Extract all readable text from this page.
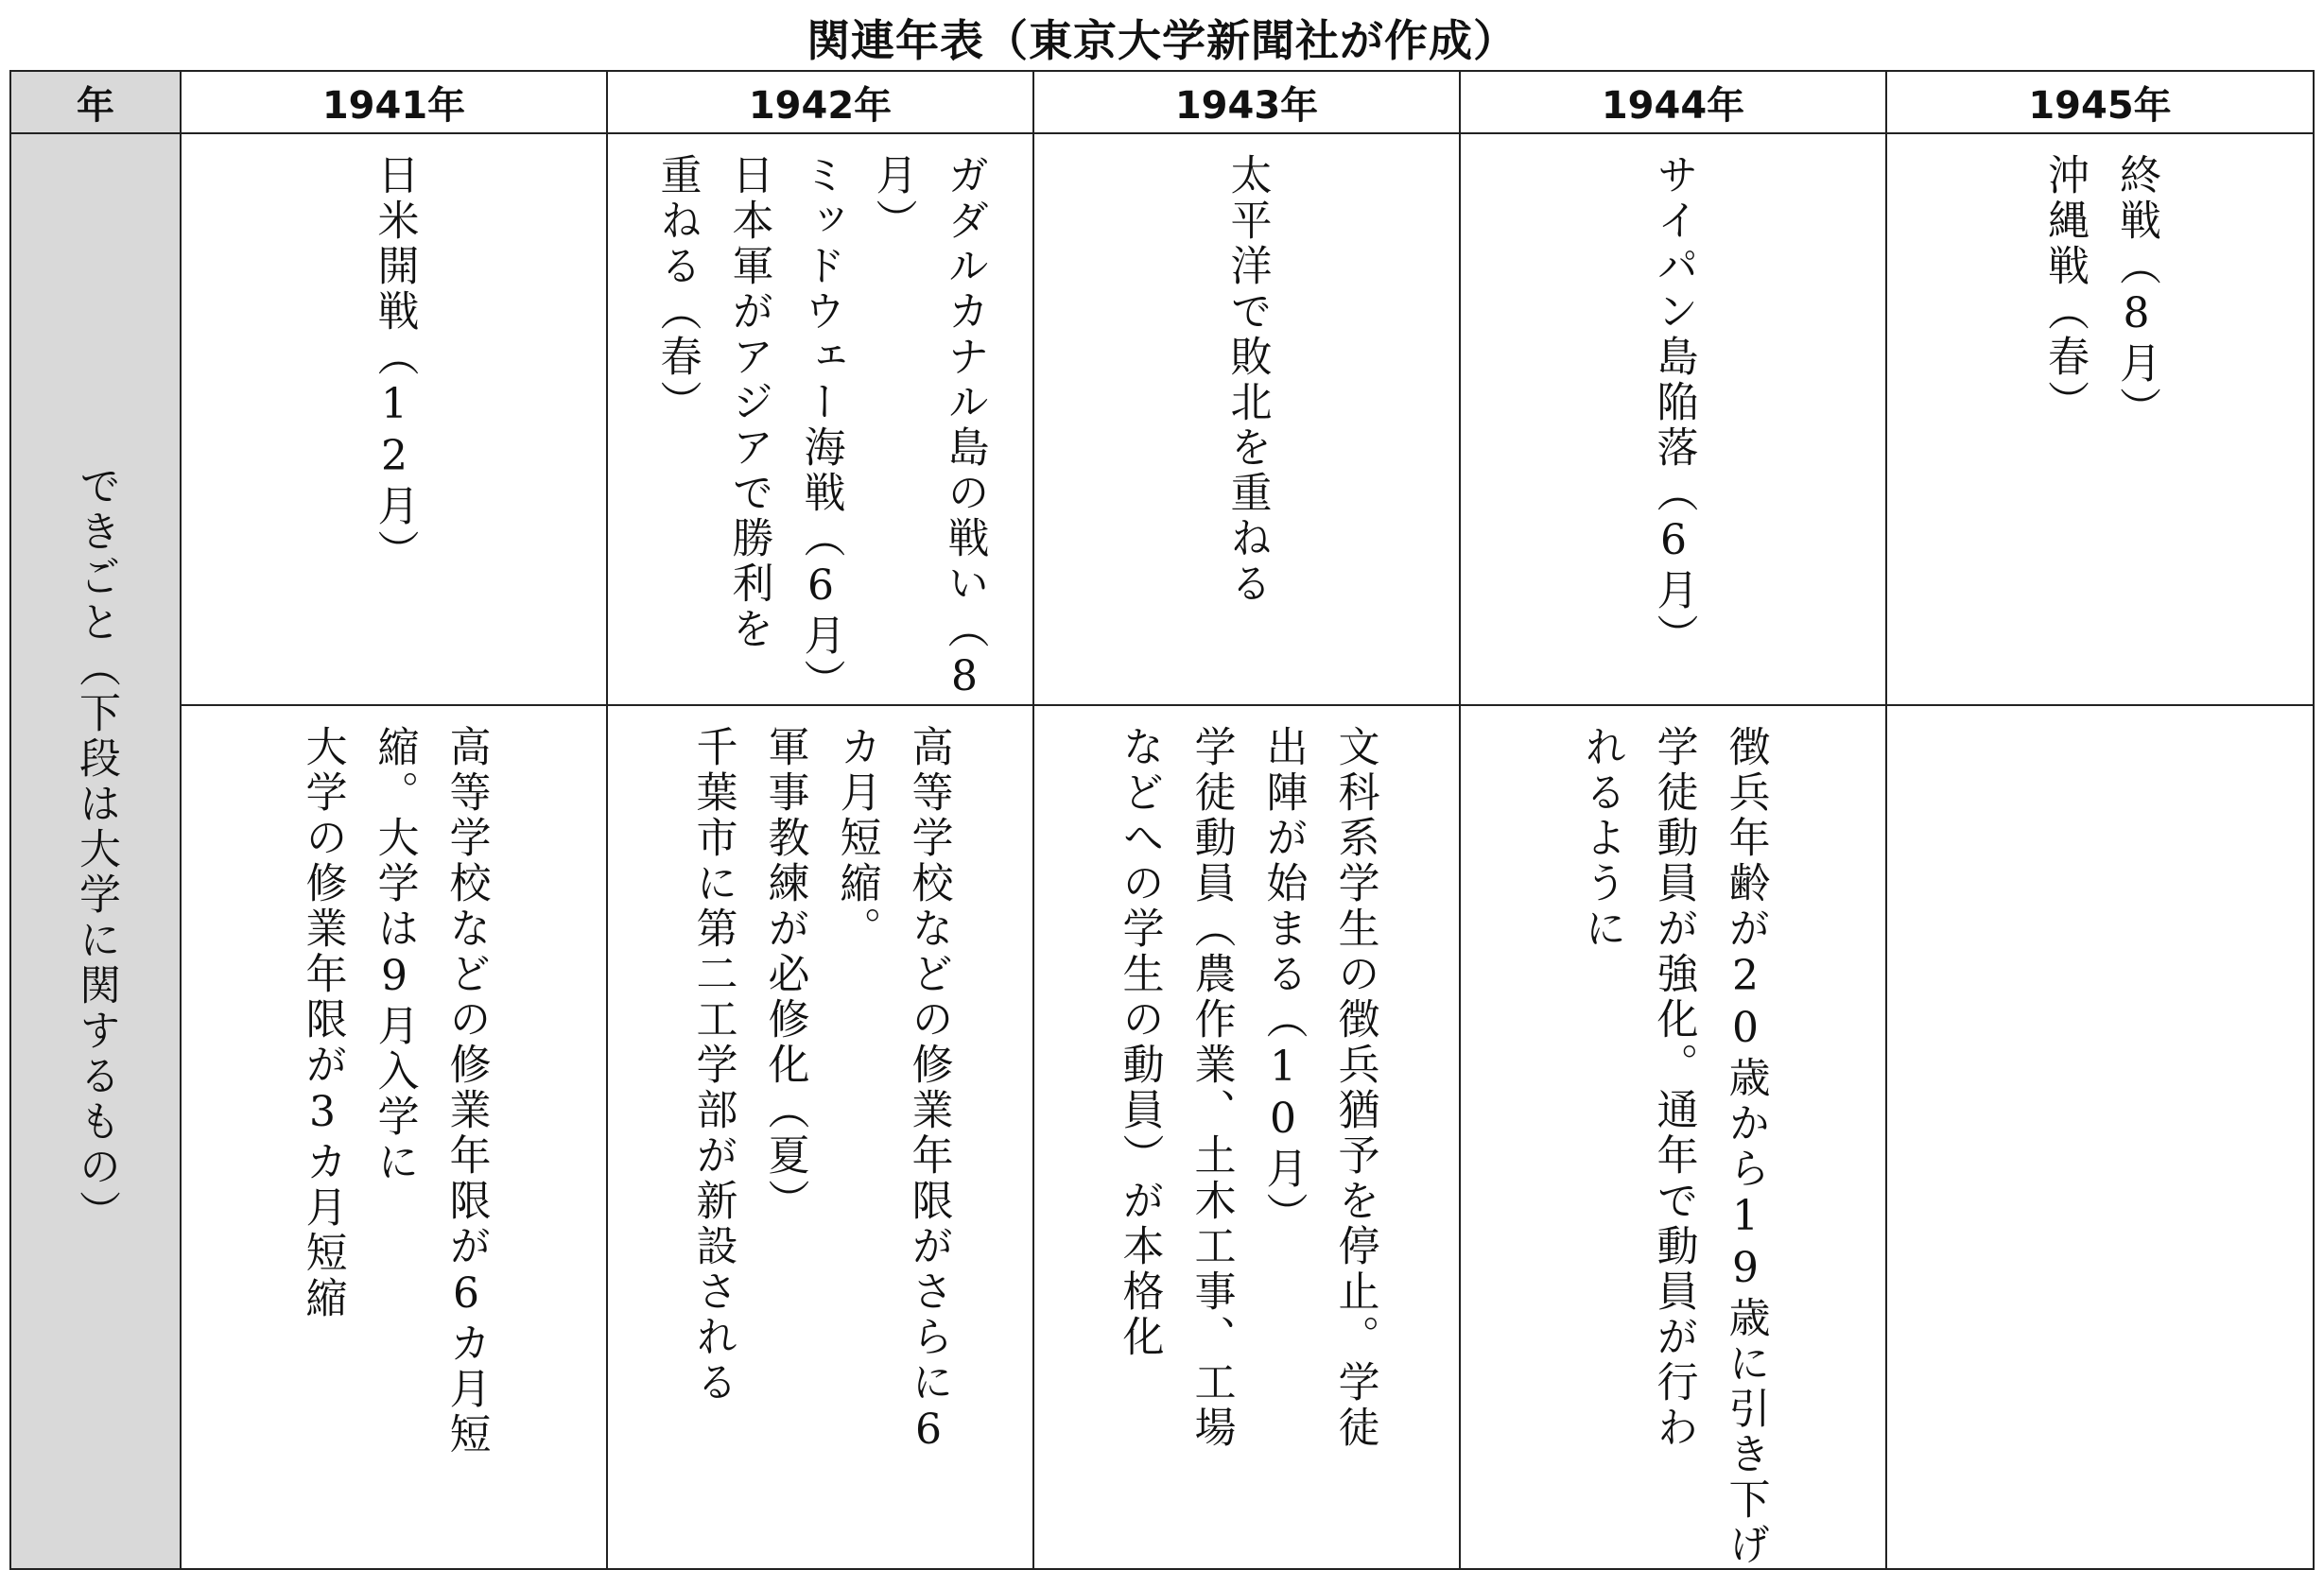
関連年表（東京大学新聞社が作成）
年	1941年	1942年	1943年	1944年	1945年
できごと（下段は大学に関するもの）	日米開戦（12月）	ガダルカナル島の戦い（8
月）
ミッドウェー海戦（6月）
日本軍がアジアで勝利を
重ねる（春）	太平洋で敗北を重ねる	サイパン島陥落（6月）	終戦（8月）
沖縄戦（春）

	高等学校などの修業年限が6カ月短
縮。大学は9月入学に
大学の修業年限が3カ月短縮	高等学校などの修業年限がさらに6
カ月短縮。
軍事教練が必修化（夏）
千葉市に第二工学部が新設される	文科系学生の徴兵猶予を停止。学徒
出陣が始まる（10月）
学徒動員（農作業、土木工事、工場
などへの学生の動員）が本格化	徴兵年齢が20歳から19歳に引き下げ
学徒動員が強化。通年で動員が行わ
れるように	
